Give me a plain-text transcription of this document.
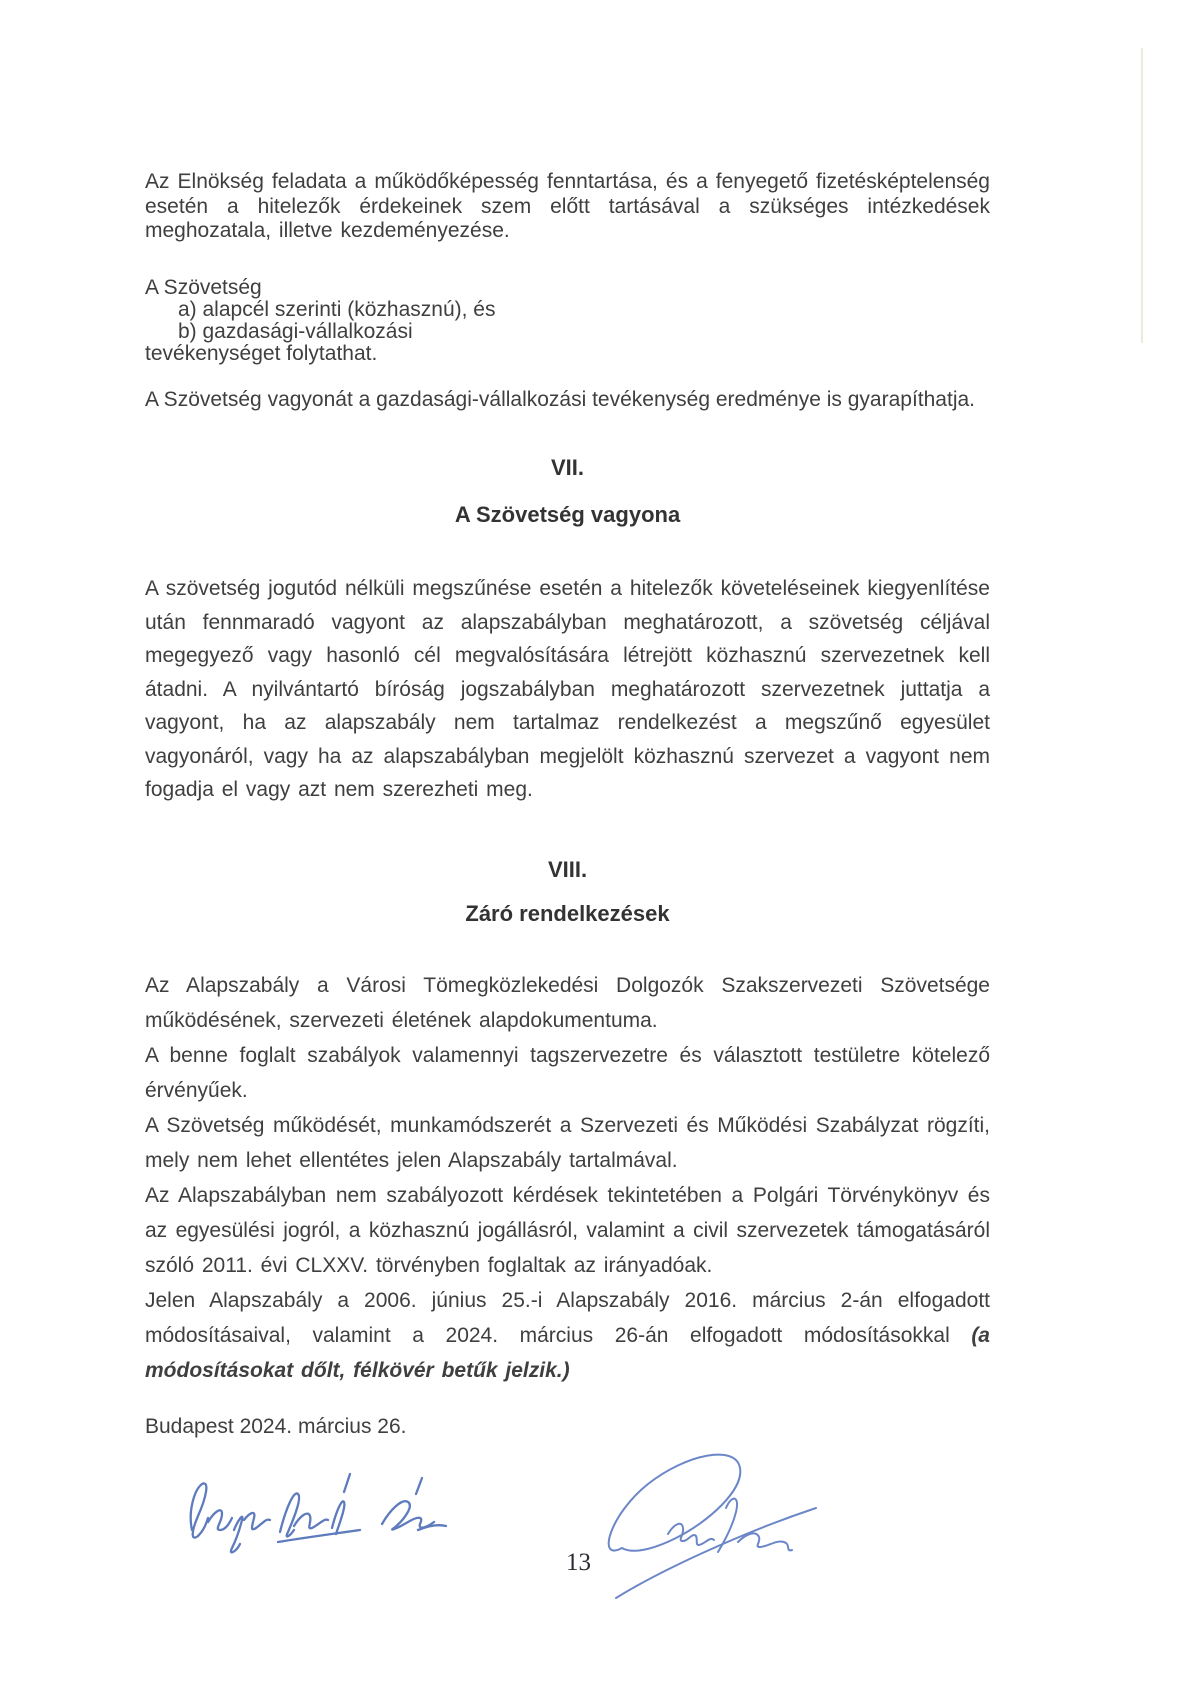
Az Elnökség feladata a működőképesség fenntartása, és a fenyegető fizetésképtelenség esetén a hitelezők érdekeinek szem előtt tartásával a szükséges intézkedések meghozatala, illetve kezdeményezése.

A Szövetség
a) alapcél szerinti (közhasznú), és
b) gazdasági-vállalkozási
tevékenységet folytathat.

A Szövetség vagyonát a gazdasági-vállalkozási tevékenység eredménye is gyarapíthatja.

VII.
A Szövetség vagyona

A szövetség jogutód nélküli megszűnése esetén a hitelezők követeléseinek kiegyenlítése után fennmaradó vagyont az alapszabályban meghatározott, a szövetség céljával megegyező vagy hasonló cél megvalósítására létrejött közhasznú szervezetnek kell átadni. A nyilvántartó bíróság jogszabályban meghatározott szervezetnek juttatja a vagyont, ha az alapszabály nem tartalmaz rendelkezést a megszűnő egyesület vagyonáról, vagy ha az alapszabályban megjelölt közhasznú szervezet a vagyont nem fogadja el vagy azt nem szerezheti meg.

VIII.
Záró rendelkezések

Az Alapszabály a Városi Tömegközlekedési Dolgozók Szakszervezeti Szövetsége működésének, szervezeti életének alapdokumentuma.

A benne foglalt szabályok valamennyi tagszervezetre és választott testületre kötelező érvényűek.

A Szövetség működését, munkamódszerét a Szervezeti és Működési Szabályzat rögzíti, mely nem lehet ellentétes jelen Alapszabály tartalmával.

Az Alapszabályban nem szabályozott kérdések tekintetében a Polgári Törvénykönyv és az egyesülési jogról, a közhasznú jogállásról, valamint a civil szervezetek támogatásáról szóló 2011. évi CLXXV. törvényben foglaltak az irányadóak.

Jelen Alapszabály a 2006. június 25.-i Alapszabály 2016. március 2-án elfogadott módosításaival, valamint a 2024. március 26-án elfogadott módosításokkal (a módosításokat dőlt, félkövér betűk jelzik.)

Budapest 2024. március 26.

13
